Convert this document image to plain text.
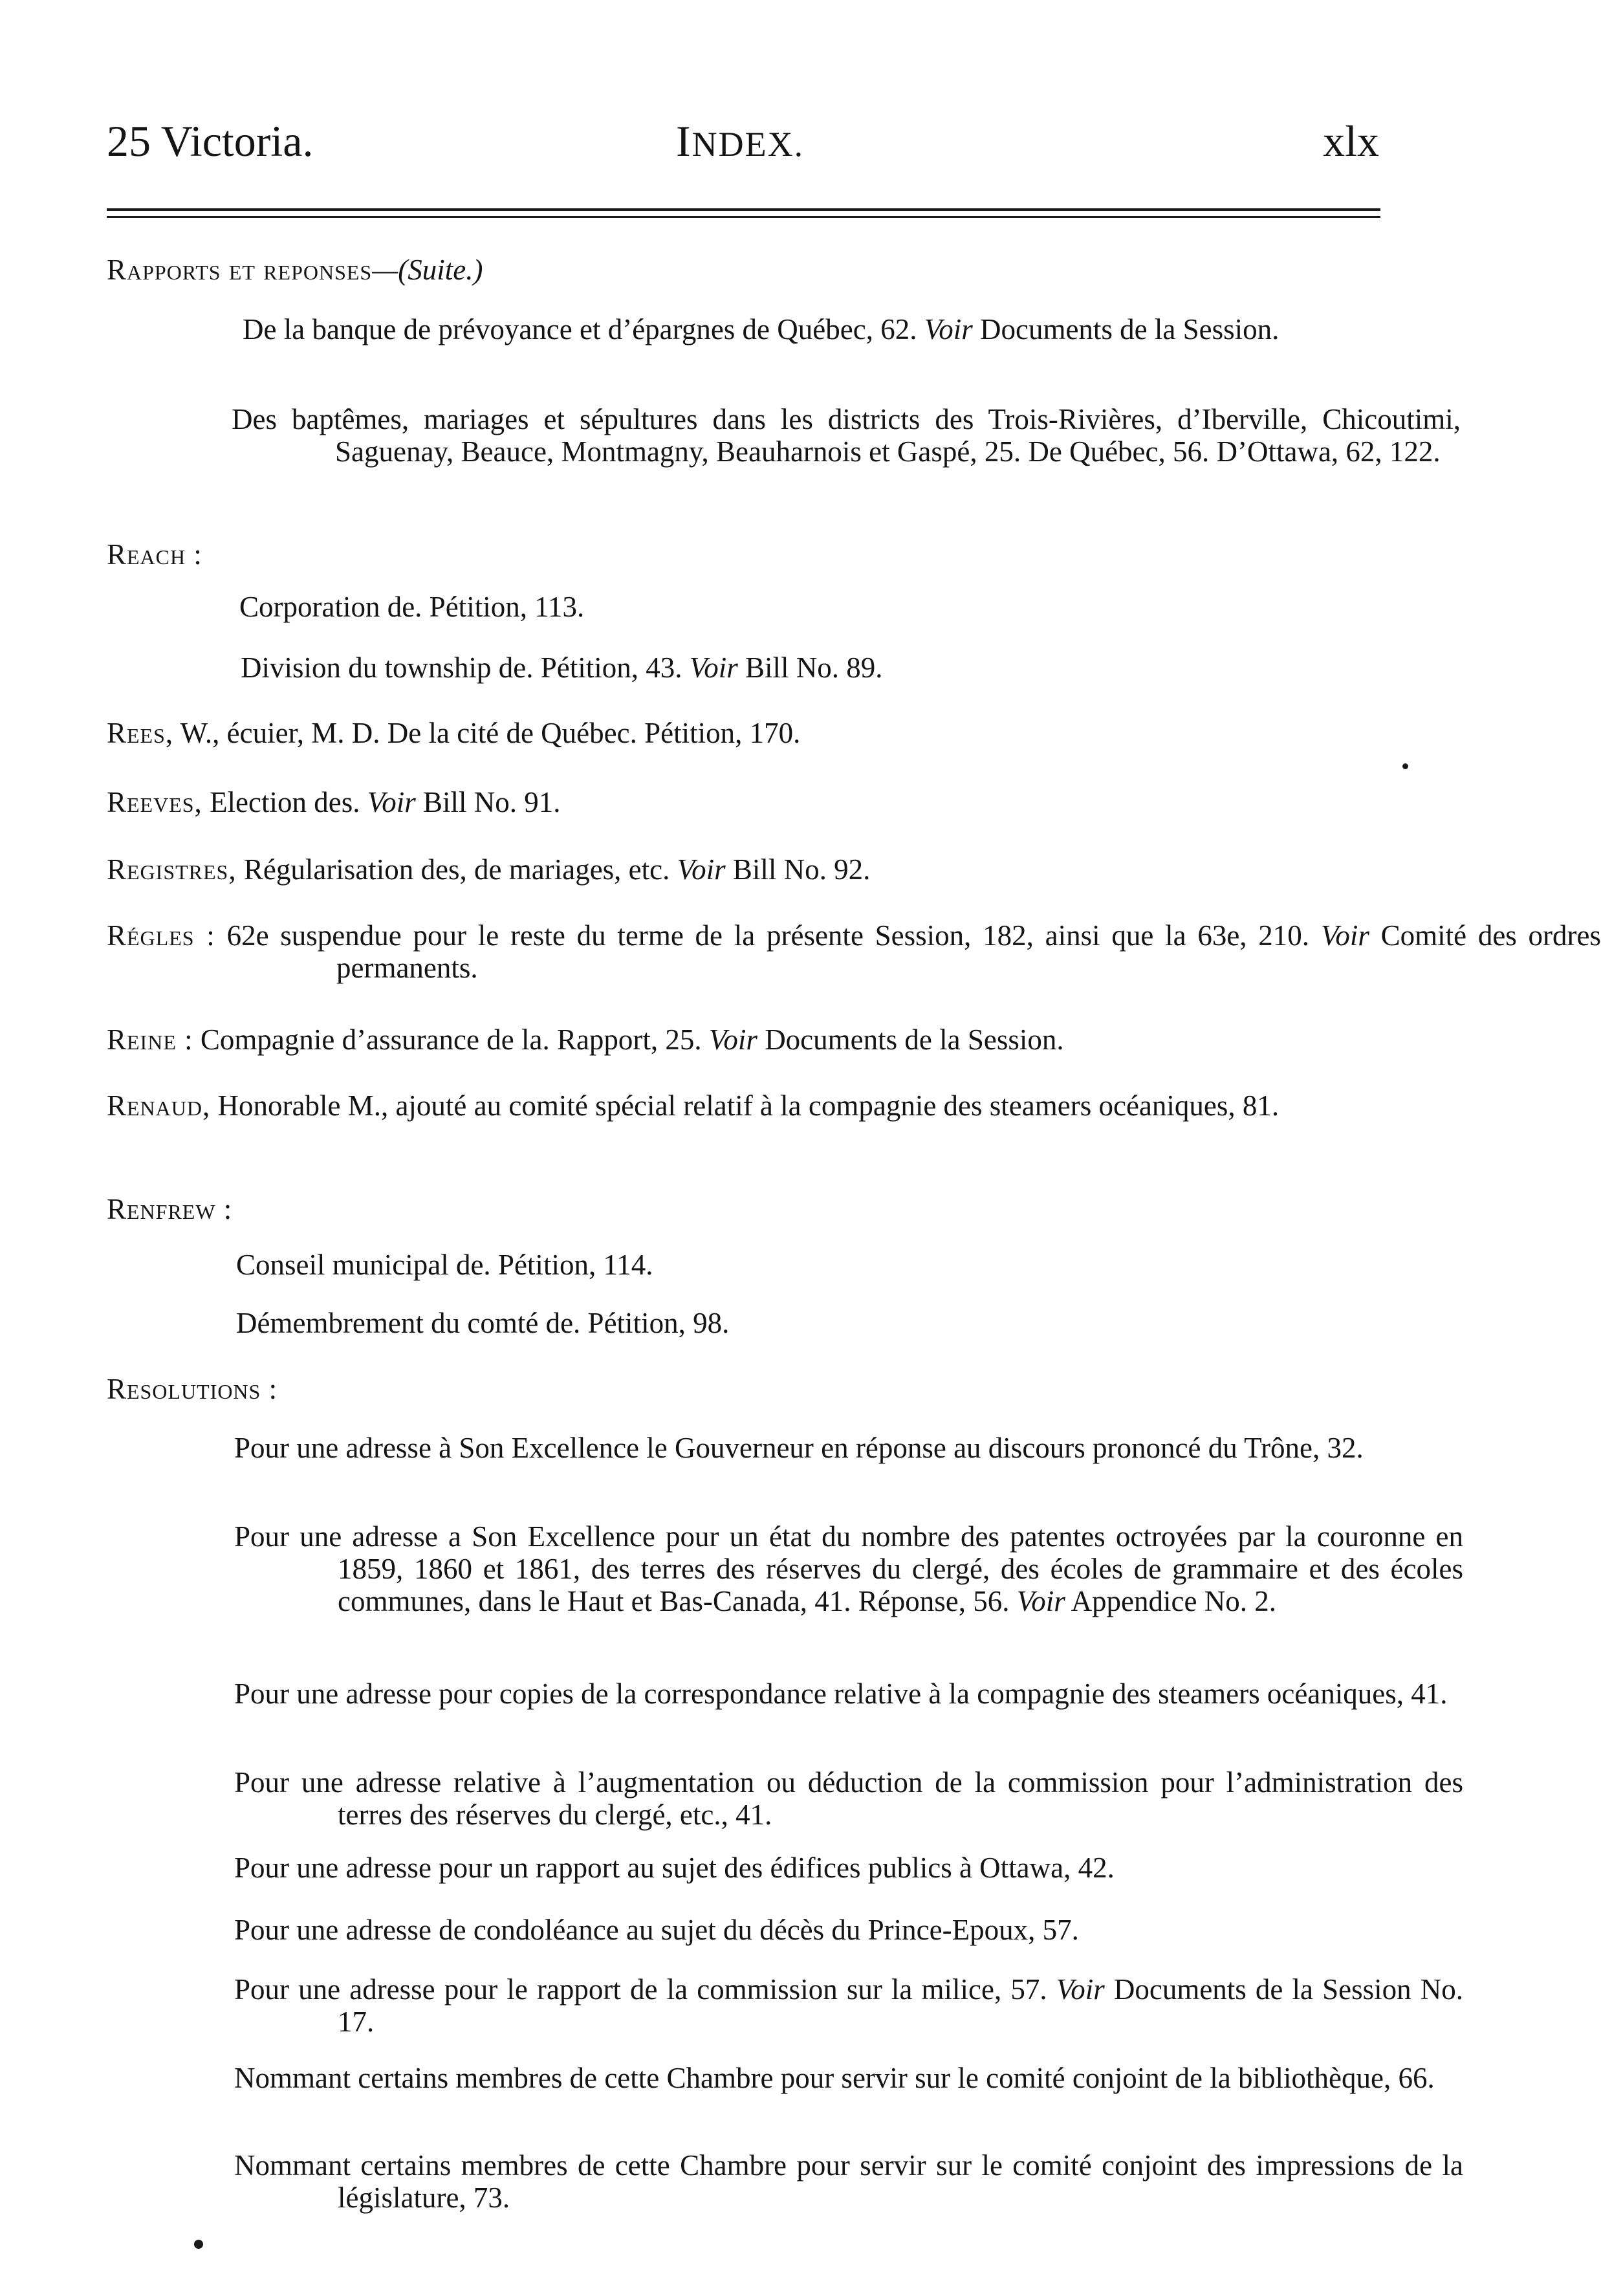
25 Victoria.	INDEX.	xlx
Rapports et reponses—(Suite.)
De la banque de prévoyance et d’épargnes de Québec, 62. Voir Documents de la Session.
Des baptêmes, mariages et sépultures dans les districts des Trois-Rivières, d’Iberville, Chicoutimi, Saguenay, Beauce, Montmagny, Beauharnois et Gaspé, 25. De Québec, 56. D’Ottawa, 62, 122.
Reach :
Corporation de. Pétition, 113.
Division du township de. Pétition, 43. Voir Bill No. 89.
Rees, W., écuier, M. D. De la cité de Québec. Pétition, 170.
Reeves, Election des. Voir Bill No. 91.
Registres, Régularisation des, de mariages, etc. Voir Bill No. 92.
Régles : 62e suspendue pour le reste du terme de la présente Session, 182, ainsi que la 63e, 210. Voir Comité des ordres permanents.
Reine : Compagnie d’assurance de la. Rapport, 25. Voir Documents de la Session.
Renaud, Honorable M., ajouté au comité spécial relatif à la compagnie des steamers océaniques, 81.
Renfrew :
Conseil municipal de. Pétition, 114.
Démembrement du comté de. Pétition, 98.
Resolutions :
Pour une adresse à Son Excellence le Gouverneur en réponse au discours prononcé du Trône, 32.
Pour une adresse a Son Excellence pour un état du nombre des patentes octroyées par la couronne en 1859, 1860 et 1861, des terres des réserves du clergé, des écoles de grammaire et des écoles communes, dans le Haut et Bas-Canada, 41. Réponse, 56. Voir Appendice No. 2.
Pour une adresse pour copies de la correspondance relative à la compagnie des steamers océaniques, 41.
Pour une adresse relative à l’augmentation ou déduction de la commission pour l’administration des terres des réserves du clergé, etc., 41.
Pour une adresse pour un rapport au sujet des édifices publics à Ottawa, 42.
Pour une adresse de condoléance au sujet du décès du Prince-Epoux, 57.
Pour une adresse pour le rapport de la commission sur la milice, 57. Voir Documents de la Session No. 17.
Nommant certains membres de cette Chambre pour servir sur le comité conjoint de la bibliothèque, 66.
Nommant certains membres de cette Chambre pour servir sur le comité conjoint des impressions de la législature, 73.
